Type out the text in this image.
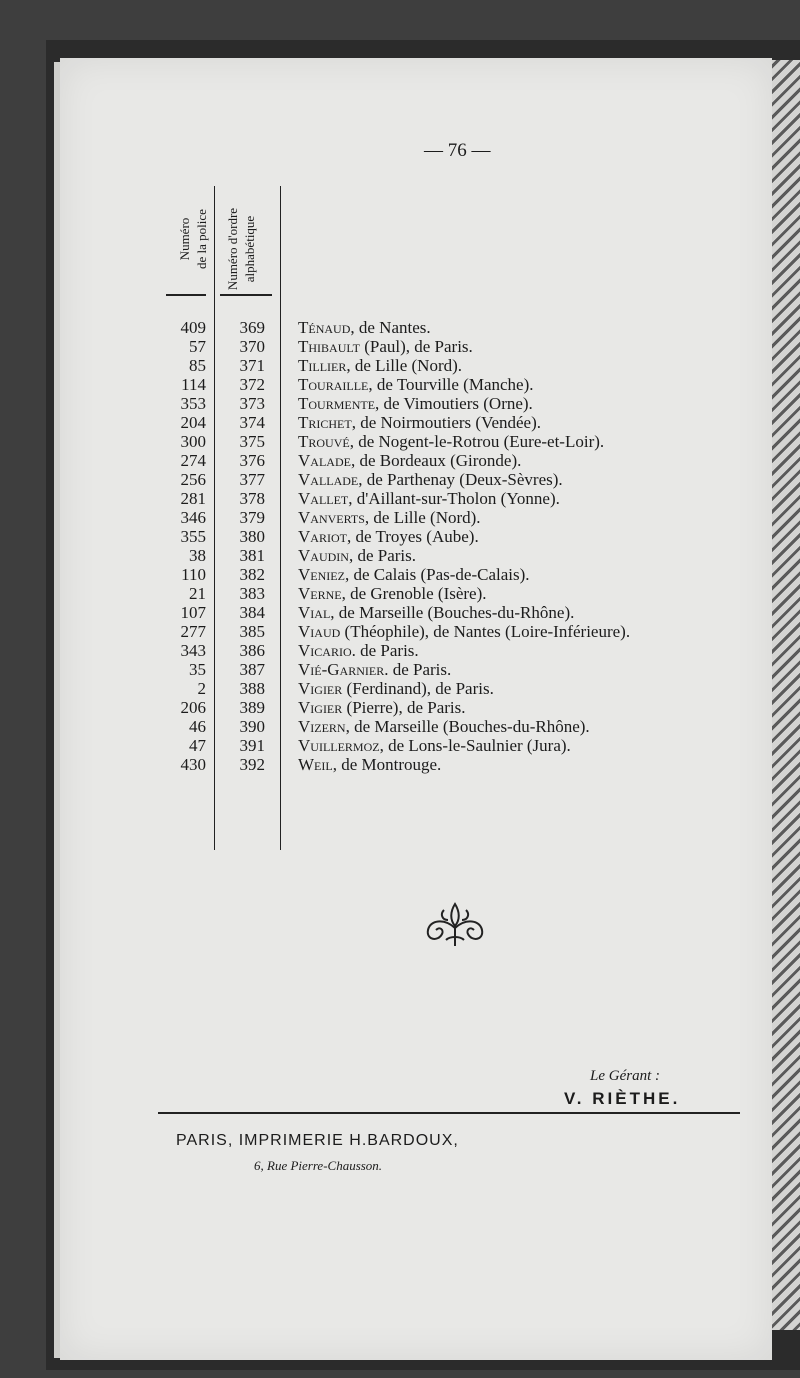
— 76 —
Numéro de la police Numéro d'ordre alphabétique
409	369 Ténaud, de Nantes.
57	370 Thibault (Paul), de Paris.
85	371 Tillier, de Lille (Nord).
114	372 Touraille, de Tourville (Manche).
353	373 Tourmente, de Vimoutiers (Orne).
204	374 Trichet, de Noirmoutiers (Vendée).
300	375 Trouvé, de Nogent-le-Rotrou (Eure-et-Loir).
274	376 Valade, de Bordeaux (Gironde).
256	377 Vallade, de Parthenay (Deux-Sèvres).
281	378 Vallet, d'Aillant-sur-Tholon (Yonne).
346	379 Vanverts, de Lille (Nord).
355	380 Variot, de Troyes (Aube).
38	381 Vaudin, de Paris.
110	382 Veniez, de Calais (Pas-de-Calais).
21	383 Verne, de Grenoble (Isère).
107	384 Vial, de Marseille (Bouches-du-Rhône).
277	385 Viaud (Théophile), de Nantes (Loire-Inférieure).
343	386 Vicario. de Paris.
35	387 Vié-Garnier. de Paris.
2	388 Vigier (Ferdinand), de Paris.
206	389 Vigier (Pierre), de Paris.
46	390 Vizern, de Marseille (Bouches-du-Rhône).
47	391 Vuillermoz, de Lons-le-Saulnier (Jura).
430	392 Weil, de Montrouge.
Le Gérant :
V. RIÈTHE.
PARIS, IMPRIMERIE H.BARDOUX,
6, Rue Pierre-Chausson.
